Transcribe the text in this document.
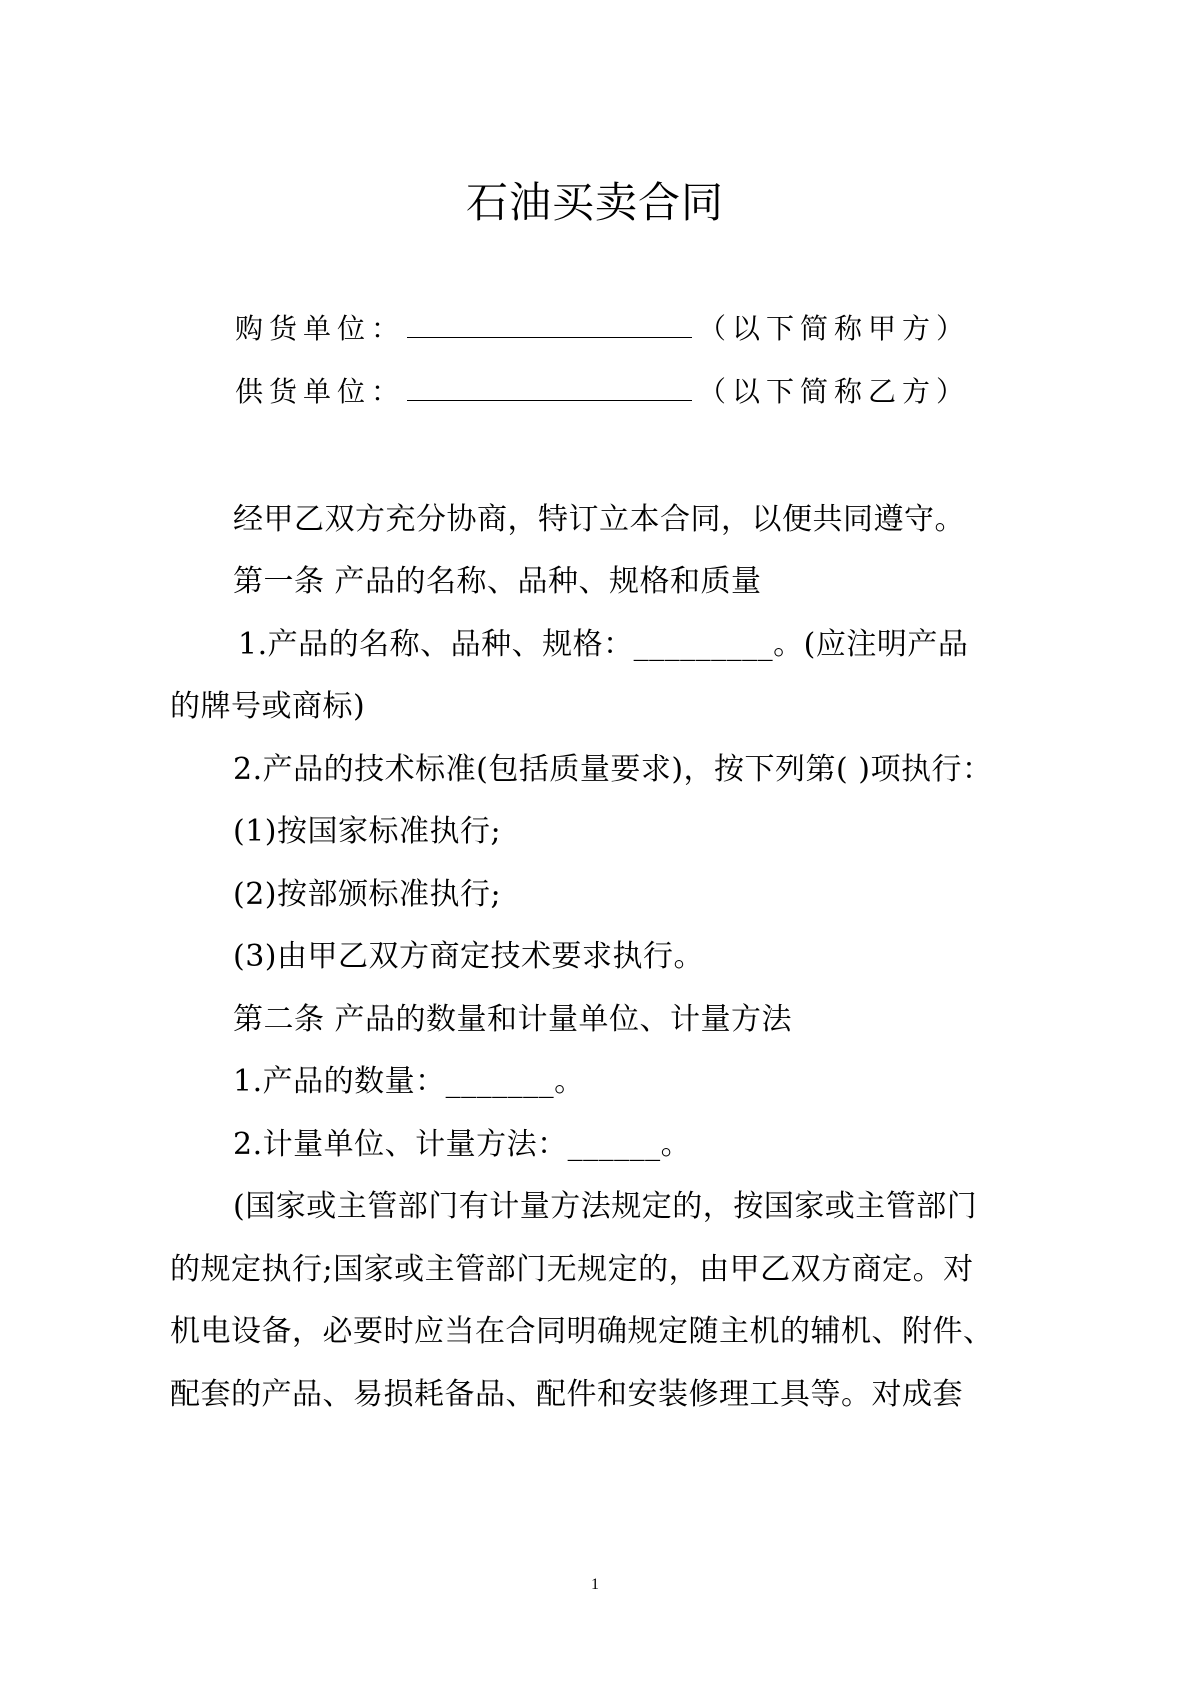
石油买卖合同
购货单位：	（以下简称甲方）
供货单位：	（以下简称乙方）
经甲乙双方充分协商，特订立本合同，以便共同遵守。
第一条 产品的名称、品种、规格和质量
1.产品的名称、品种、规格：_________。(应注明产品
的牌号或商标)
2.产品的技术标准(包括质量要求)，按下列第( )项执行：
(1)按国家标准执行;
(2)按部颁标准执行;
(3)由甲乙双方商定技术要求执行。
第二条 产品的数量和计量单位、计量方法
1.产品的数量：_______。
2.计量单位、计量方法：______。
(国家或主管部门有计量方法规定的，按国家或主管部门
的规定执行;国家或主管部门无规定的，由甲乙双方商定。对
机电设备，必要时应当在合同明确规定随主机的辅机、附件、
配套的产品、易损耗备品、配件和安装修理工具等。对成套
1
